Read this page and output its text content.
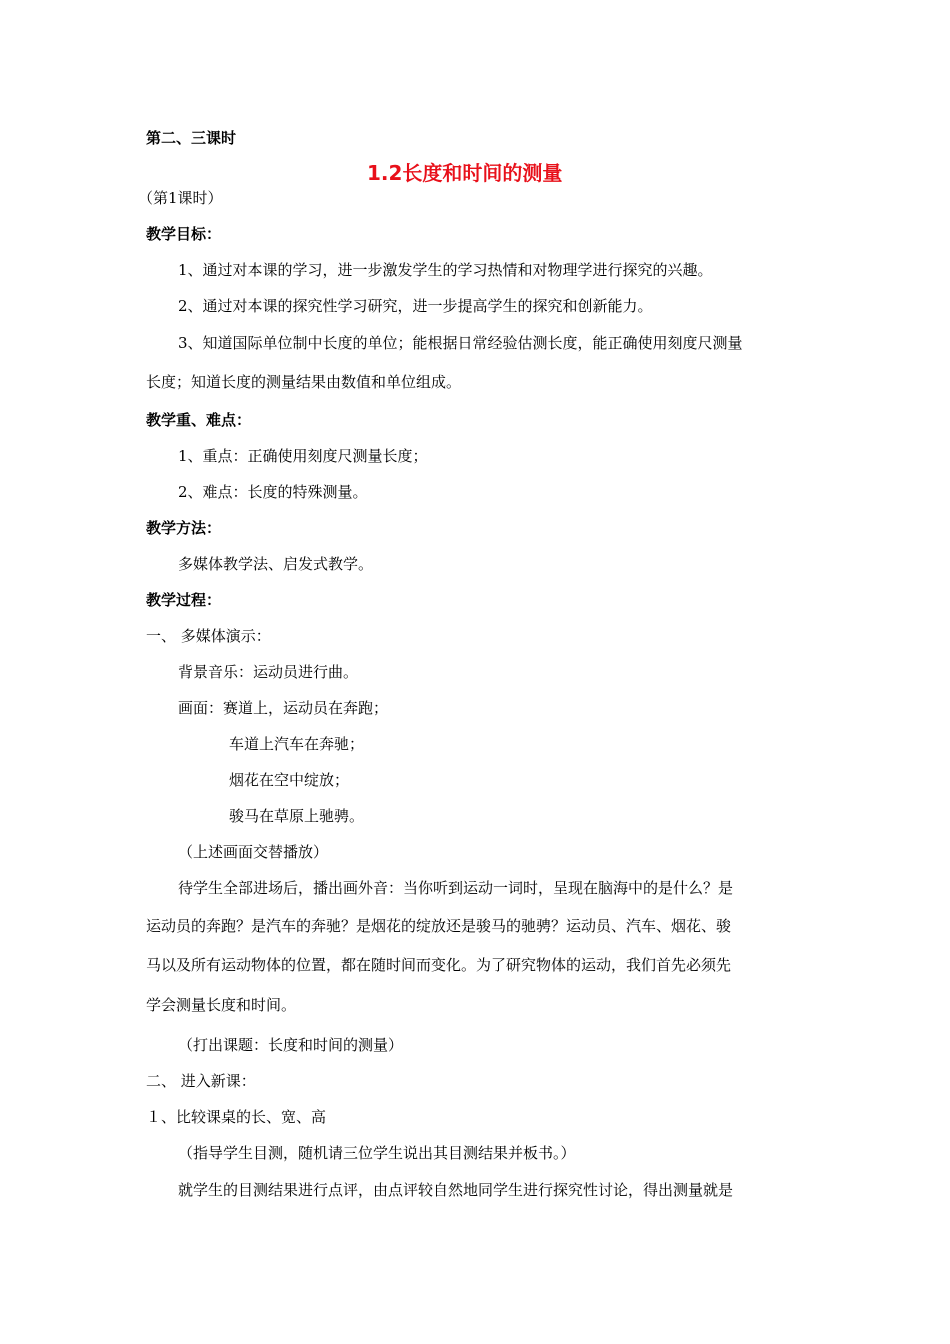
第二、三课时
1.2长度和时间的测量
（第1课时）
教学目标：
1、通过对本课的学习，进一步激发学生的学习热情和对物理学进行探究的兴趣。
2、通过对本课的探究性学习研究，进一步提高学生的探究和创新能力。
3、知道国际单位制中长度的单位；能根据日常经验估测长度，能正确使用刻度尺测量
长度；知道长度的测量结果由数值和单位组成。
教学重、难点：
1、重点：正确使用刻度尺测量长度；
2、难点：长度的特殊测量。
教学方法：
多媒体教学法、启发式教学。
教学过程：
一、 多媒体演示：
背景音乐：运动员进行曲。
画面：赛道上，运动员在奔跑；
车道上汽车在奔驰；
烟花在空中绽放；
骏马在草原上驰骋。
（上述画面交替播放）
待学生全部进场后，播出画外音：当你听到运动一词时，呈现在脑海中的是什么？是
运动员的奔跑？是汽车的奔驰？是烟花的绽放还是骏马的驰骋？运动员、汽车、烟花、骏
马以及所有运动物体的位置，都在随时间而变化。为了研究物体的运动，我们首先必须先
学会测量长度和时间。
（打出课题：长度和时间的测量）
二、 进入新课：
１、比较课桌的长、宽、高
（指导学生目测，随机请三位学生说出其目测结果并板书。）
就学生的目测结果进行点评，由点评较自然地同学生进行探究性讨论，得出测量就是
